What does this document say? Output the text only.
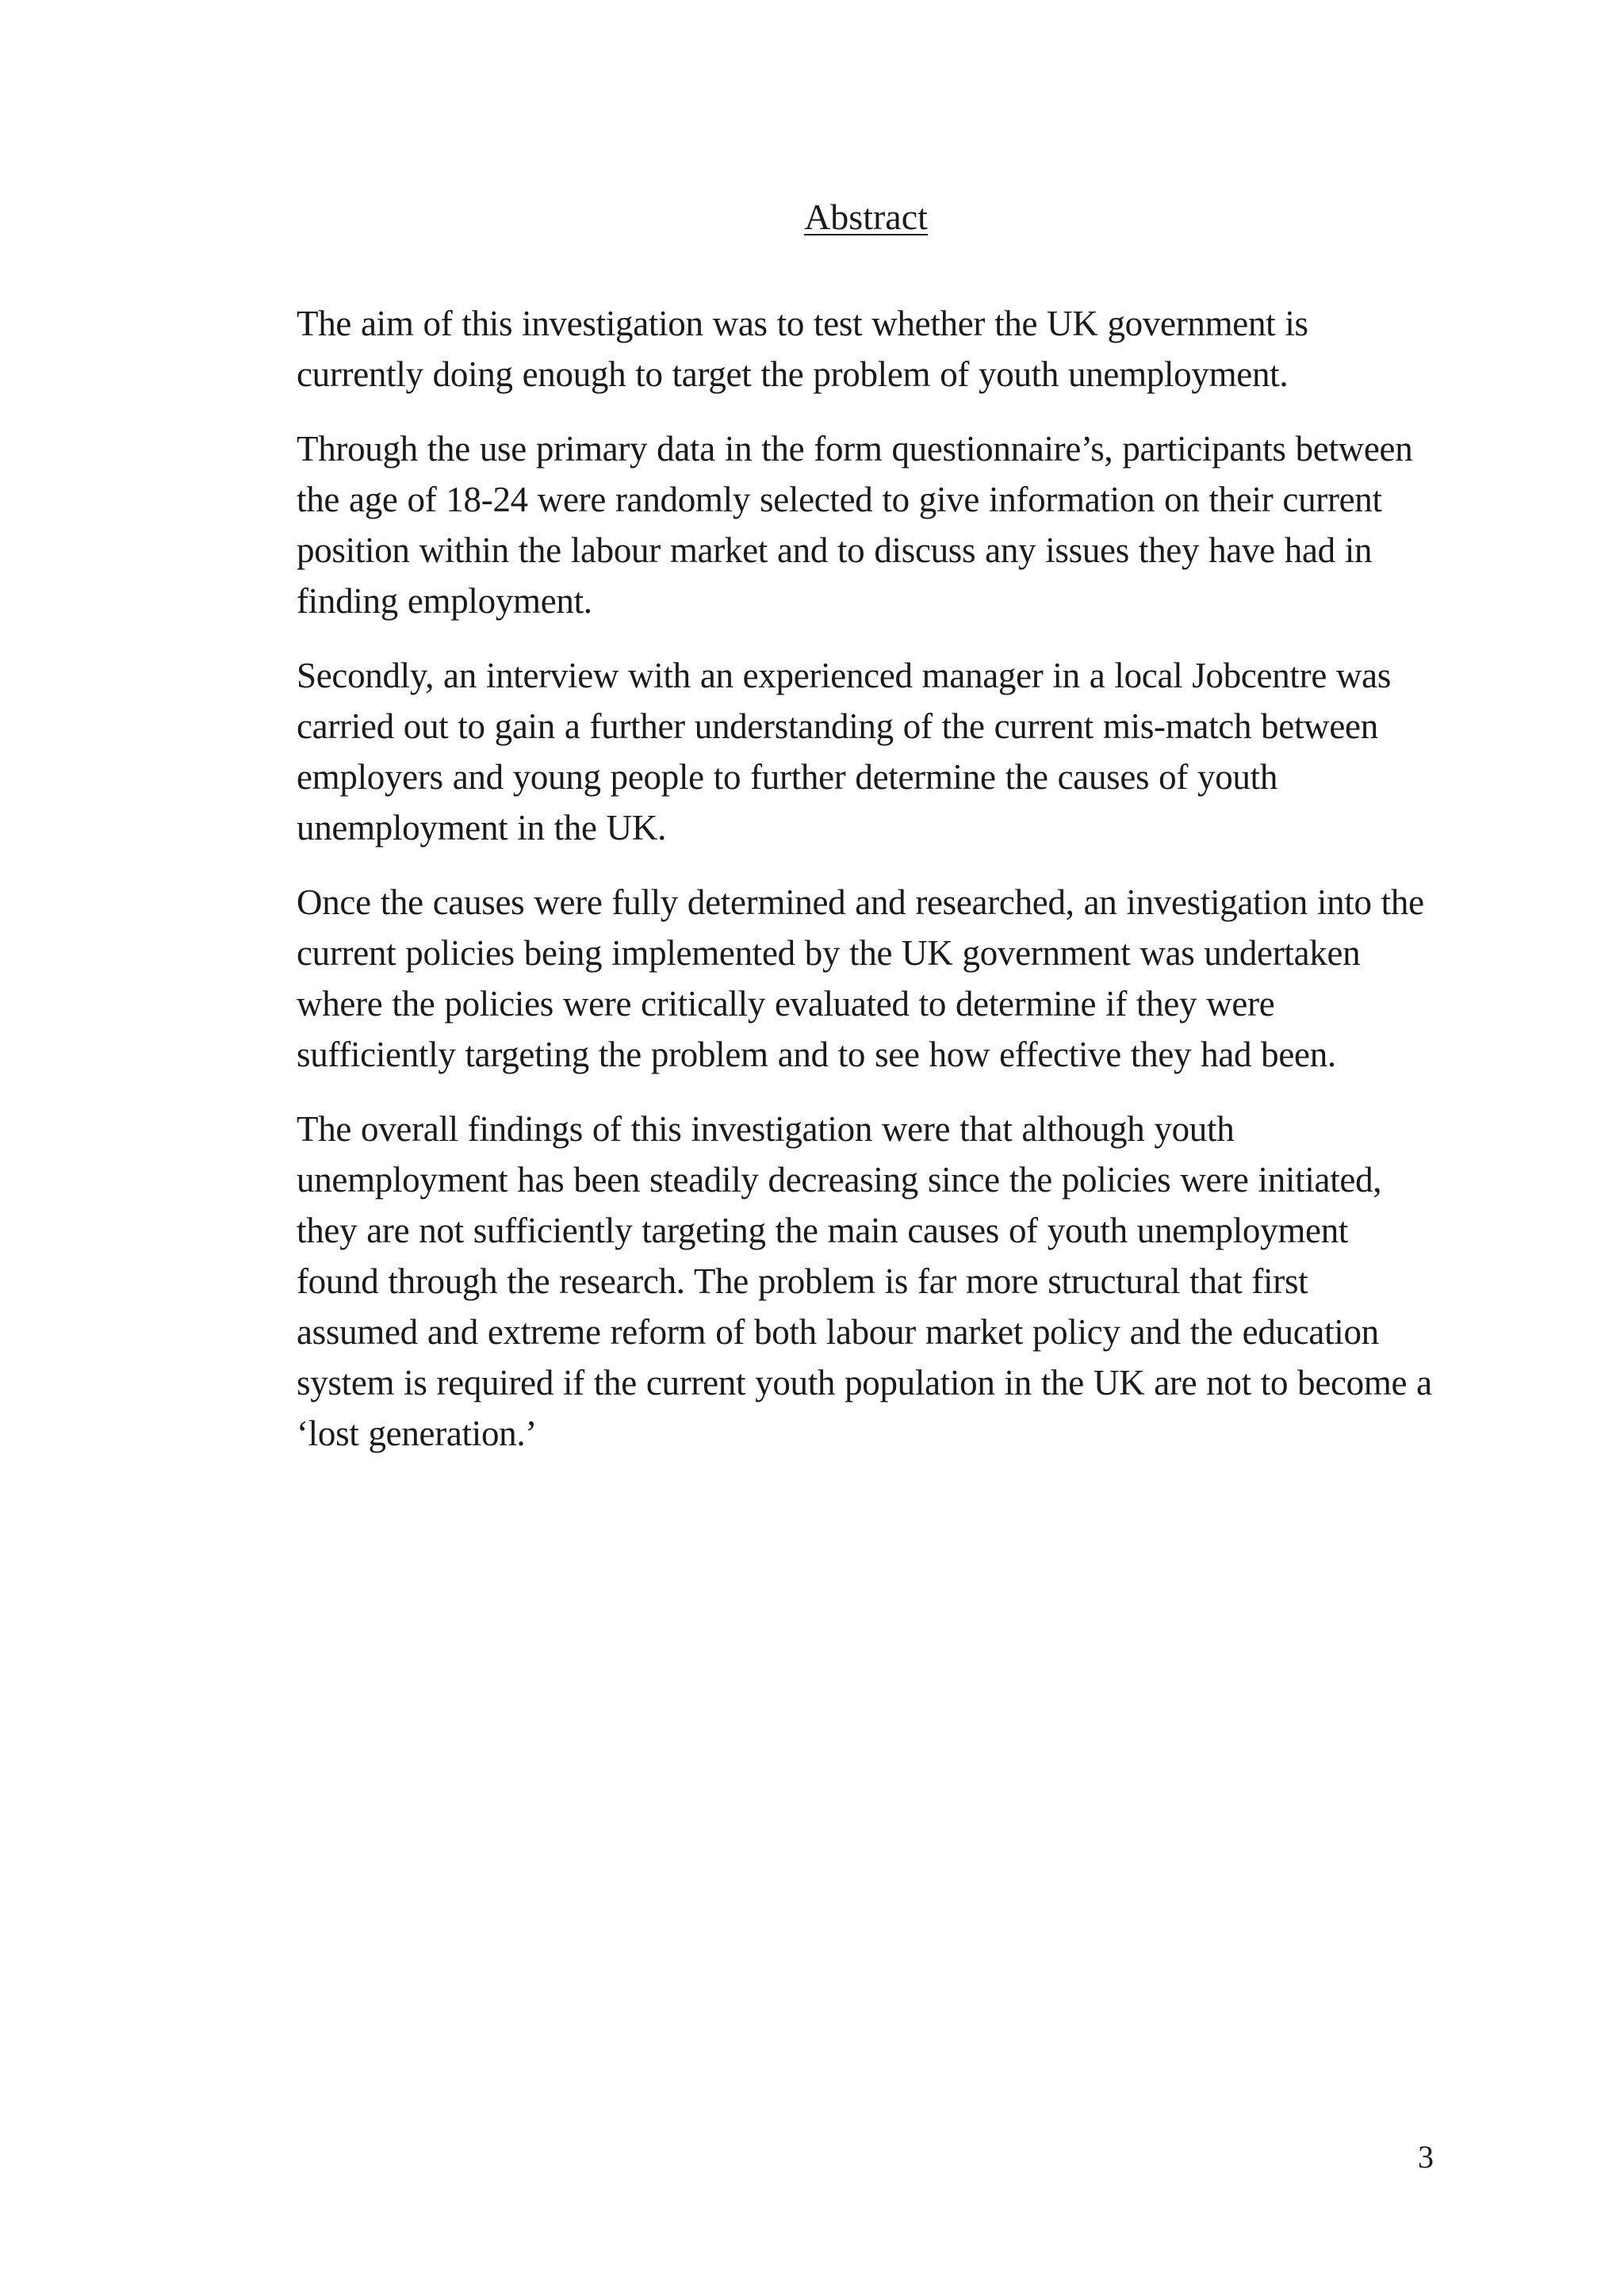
Abstract

The aim of this investigation was to test whether the UK government is currently doing enough to target the problem of youth unemployment.

Through the use primary data in the form questionnaire’s, participants between the age of 18-24 were randomly selected to give information on their current position within the labour market and to discuss any issues they have had in finding employment.

Secondly, an interview with an experienced manager in a local Jobcentre was carried out to gain a further understanding of the current mis-match between employers and young people to further determine the causes of youth unemployment in the UK.

Once the causes were fully determined and researched, an investigation into the current policies being implemented by the UK government was undertaken where the policies were critically evaluated to determine if they were sufficiently targeting the problem and to see how effective they had been.

The overall findings of this investigation were that although youth unemployment has been steadily decreasing since the policies were initiated, they are not sufficiently targeting the main causes of youth unemployment found through the research. The problem is far more structural that first assumed and extreme reform of both labour market policy and the education system is required if the current youth population in the UK are not to become a ‘lost generation.’

3
